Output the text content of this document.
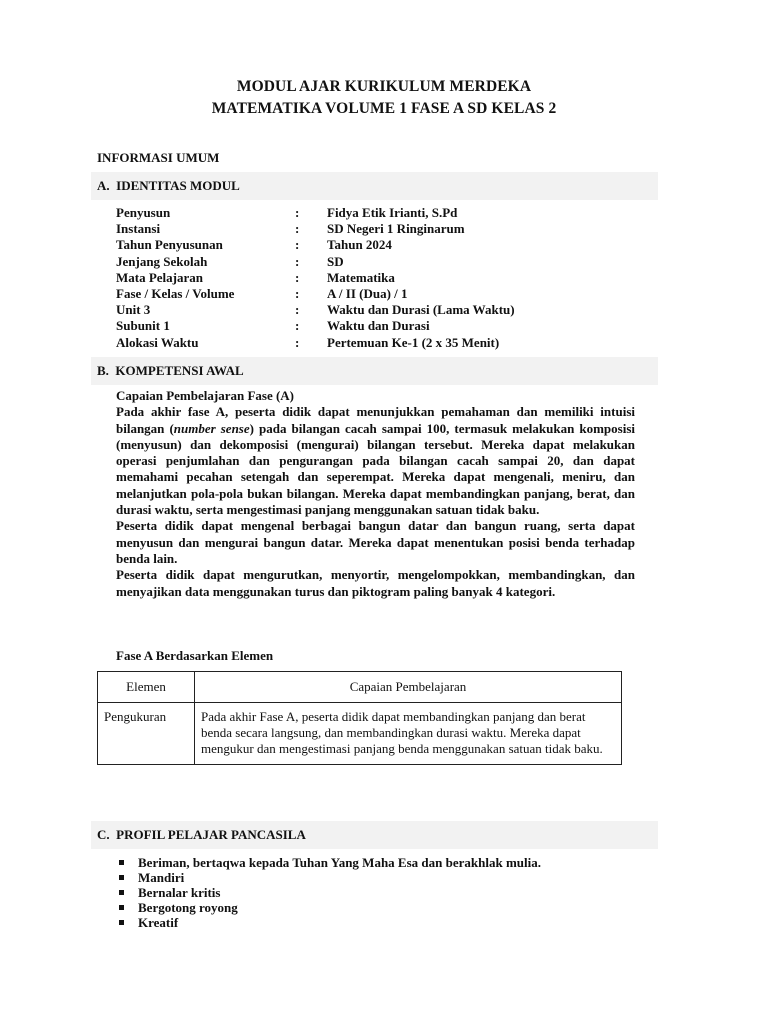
MODUL AJAR KURIKULUM MERDEKA
MATEMATIKA VOLUME 1 FASE A SD KELAS 2
INFORMASI UMUM
A.  IDENTITAS MODUL
Penyusun	: Fidya Etik Irianti, S.Pd
Instansi	: SD Negeri 1 Ringinarum
Tahun Penyusunan	: Tahun 2024
Jenjang Sekolah	: SD
Mata Pelajaran	: Matematika
Fase / Kelas / Volume	: A / II (Dua) / 1
Unit 3	: Waktu dan Durasi (Lama Waktu)
Subunit 1	: Waktu dan Durasi
Alokasi Waktu	: Pertemuan Ke-1 (2 x 35 Menit)
B.  KOMPETENSI AWAL
Capaian Pembelajaran Fase (A)

Pada akhir fase A, peserta didik dapat menunjukkan pemahaman dan memiliki intuisi bilangan (number sense) pada bilangan cacah sampai 100, termasuk melakukan komposisi (menyusun) dan dekomposisi (mengurai) bilangan tersebut. Mereka dapat melakukan operasi penjumlahan dan pengurangan pada bilangan cacah sampai 20, dan dapat memahami pecahan setengah dan seperempat. Mereka dapat mengenali, meniru, dan melanjutkan pola-pola bukan bilangan. Mereka dapat membandingkan panjang, berat, dan durasi waktu, serta mengestimasi panjang menggunakan satuan tidak baku.

Peserta didik dapat mengenal berbagai bangun datar dan bangun ruang, serta dapat menyusun dan mengurai bangun datar. Mereka dapat menentukan posisi benda terhadap benda lain.

Peserta didik dapat mengurutkan, menyortir, mengelompokkan, membandingkan, dan menyajikan data menggunakan turus dan piktogram paling banyak 4 kategori.

Fase A Berdasarkan Elemen
Elemen	Capaian Pembelajaran
Pengukuran	Pada akhir Fase A, peserta didik dapat membandingkan panjang dan berat benda secara langsung, dan membandingkan durasi waktu. Mereka dapat mengukur dan mengestimasi panjang benda menggunakan satuan tidak baku.
C.  PROFIL PELAJAR PANCASILA
Beriman, bertaqwa kepada Tuhan Yang Maha Esa dan berakhlak mulia.
Mandiri
Bernalar kritis
Bergotong royong
Kreatif
